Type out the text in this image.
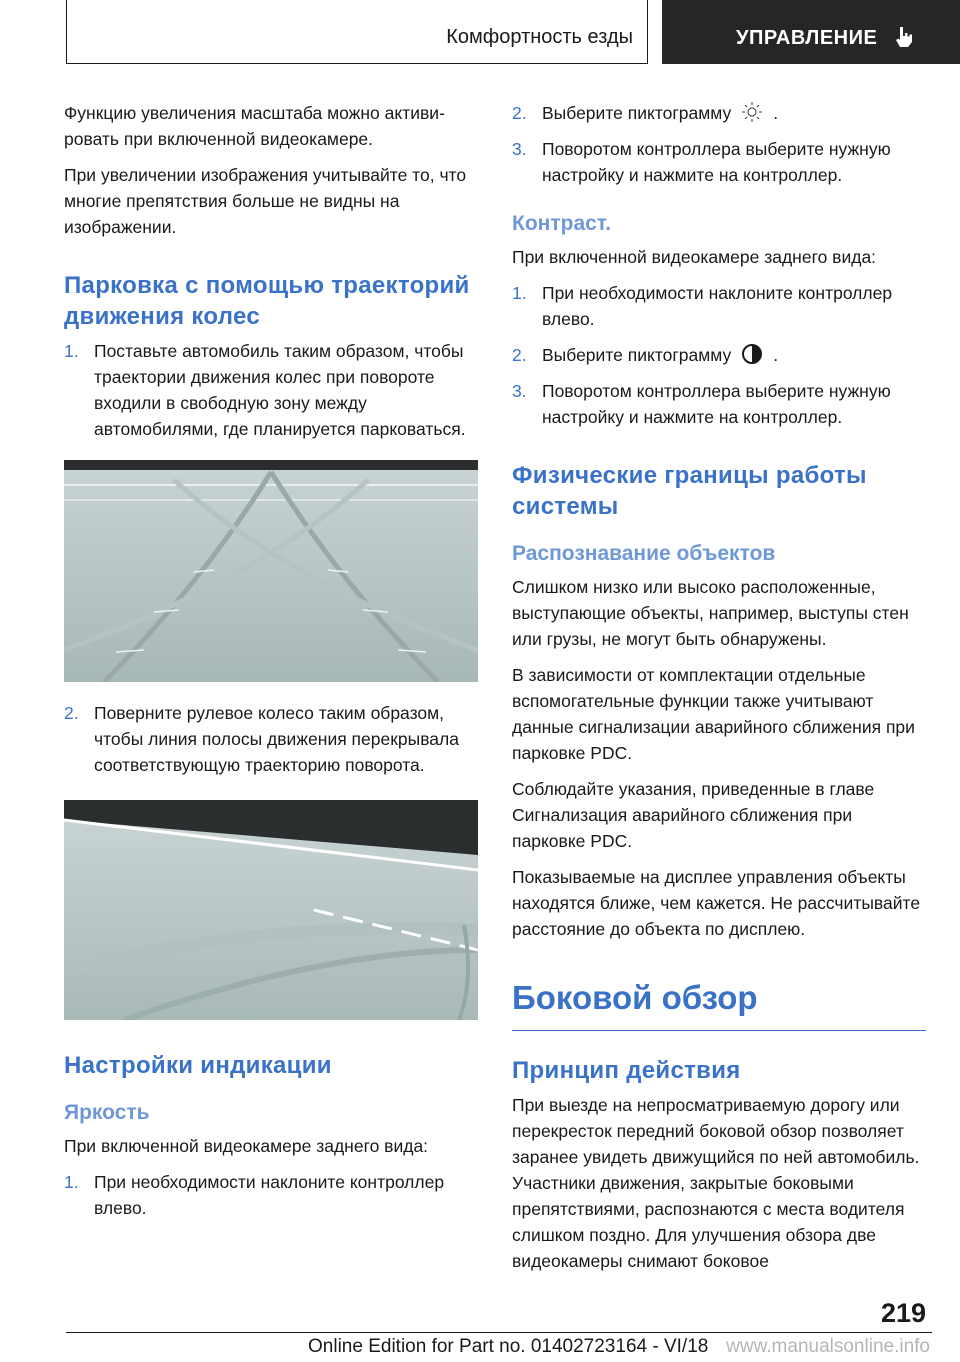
Комфортность езды	УПРАВЛЕНИЕ

Функцию увеличения масштаба можно активировать при включенной видеокамере.

При увеличении изображения учитывайте то, что многие препятствия больше не видны на изображении.

Парковка с помощью траекторий движения колес
1. Поставьте автомобиль таким образом, чтобы траектории движения колес при повороте входили в свободную зону между автомобилями, где планируется парковаться.
2. Поверните рулевое колесо таким образом, чтобы линия полосы движения перекрывала соответствующую траекторию поворота.
Настройки индикации
Яркость

При включенной видеокамере заднего вида:

1. При необходимости наклоните контроллер влево.
2. Выберите пиктограмму .
3. Поворотом контроллера выберите нужную настройку и нажмите на контроллер.
Контраст.

При включенной видеокамере заднего вида:

1. При необходимости наклоните контроллер влево.
2. Выберите пиктограмму .
3. Поворотом контроллера выберите нужную настройку и нажмите на контроллер.
Физические границы работы системы
Распознавание объектов

Слишком низко или высоко расположенные, выступающие объекты, например, выступы стен или грузы, не могут быть обнаружены.

В зависимости от комплектации отдельные вспомогательные функции также учитывают данные сигнализации аварийного сближения при парковке PDC.

Соблюдайте указания, приведенные в главе Сигнализация аварийного сближения при парковке PDC.

Показываемые на дисплее управления объекты находятся ближе, чем кажется. Не рассчитывайте расстояние до объекта по дисплею.

Боковой обзор
Принцип действия

При выезде на непросматриваемую дорогу или перекресток передний боковой обзор позволяет заранее увидеть движущийся по ней автомобиль. Участники движения, закрытые боковыми препятствиями, распознаются с места водителя слишком поздно. Для улучшения обзора две видеокамеры снимают боковое

219
Online Edition for Part no. 01402723164 - VI/18 www.manualsonline.info
